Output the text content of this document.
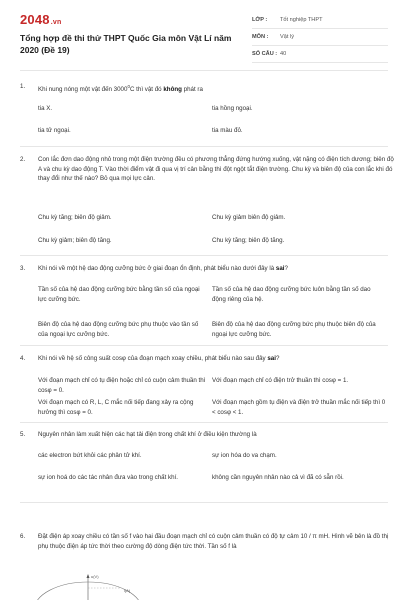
2048.vn
Tổng hợp đề thi thử THPT Quốc Gia môn Vật Lí năm 2020 (Đề 19)
LỚP :	Tốt nghiệp THPT
MÔN :	Vật lý
SỐ CÂU : 40
1.	Khi nung nóng một vật đến 3000$^0$C thì vật đó không phát ra
tia X.	tia hồng ngoại.
tia tử ngoại.	tia màu đỏ.
2.	Con lắc đơn dao động nhỏ trong một điện trường đều có phương thẳng đứng hướng xuống, vật nặng có điện tích dương; biên độ A và chu kỳ dao động T. Vào thời điểm vật đi qua vị trí cân bằng thì đột ngột tắt điện trường. Chu kỳ và biên độ của con lắc khi đó thay đổi như thế nào? Bỏ qua mọi lực cản.
Chu kỳ tăng; biên độ giảm.	Chu kỳ giảm biên độ giảm.
Chu kỳ giảm; biên độ tăng.	Chu kỳ tăng; biên độ tăng.
3.	Khi nói về một hệ dao động cưỡng bức ở giai đoạn ổn định, phát biểu nào dưới đây là sai?
Tần số của hệ dao động cưỡng bức bằng tần số của ngoại lực cưỡng bức.
Tần số của hệ dao động cưỡng bức luôn bằng tần số dao động riêng của hệ.
Biên độ của hệ dao động cưỡng bức phụ thuộc vào tần số của ngoại lực cưỡng bức.
Biên độ của hệ dao động cưỡng bức phụ thuộc biên độ của ngoại lực cưỡng bức.
4.	Khi nói về hệ số công suất cosφ của đoạn mạch xoay chiều, phát biểu nào sau đây sai?
Với đoạn mạch chỉ có tụ điện hoặc chỉ có cuộn cảm thuần thì cosφ = 0.
Với đoạn mạch chỉ có điện trở thuần thì cosφ = 1.
Với đoạn mạch có R, L, C mắc nối tiếp đang xảy ra cộng hưởng thì cosφ = 0.
Với đoạn mạch gồm tụ điện và điện trở thuần mắc nối tiếp thì 0 < cosφ < 1.
5.	Nguyên nhân làm xuất hiện các hạt tải điện trong chất khí ở điều kiện thường là
các electron bứt khỏi các phân tử khí.	sự ion hóa do va chạm.
sự ion hoá do các tác nhân đưa vào trong chất khí.	không cần nguyên nhân nào cả vì đã có sẵn rồi.
6.	Đặt điện áp xoay chiều có tần số f vào hai đầu đoạn mạch chỉ có cuộn cảm thuần có độ tự cảm 10 / π mH. Hình vẽ bên là đồ thị phụ thuộc điện áp tức thời theo cường độ dòng điện tức thời. Tần số f là
u(V)
i(A)
